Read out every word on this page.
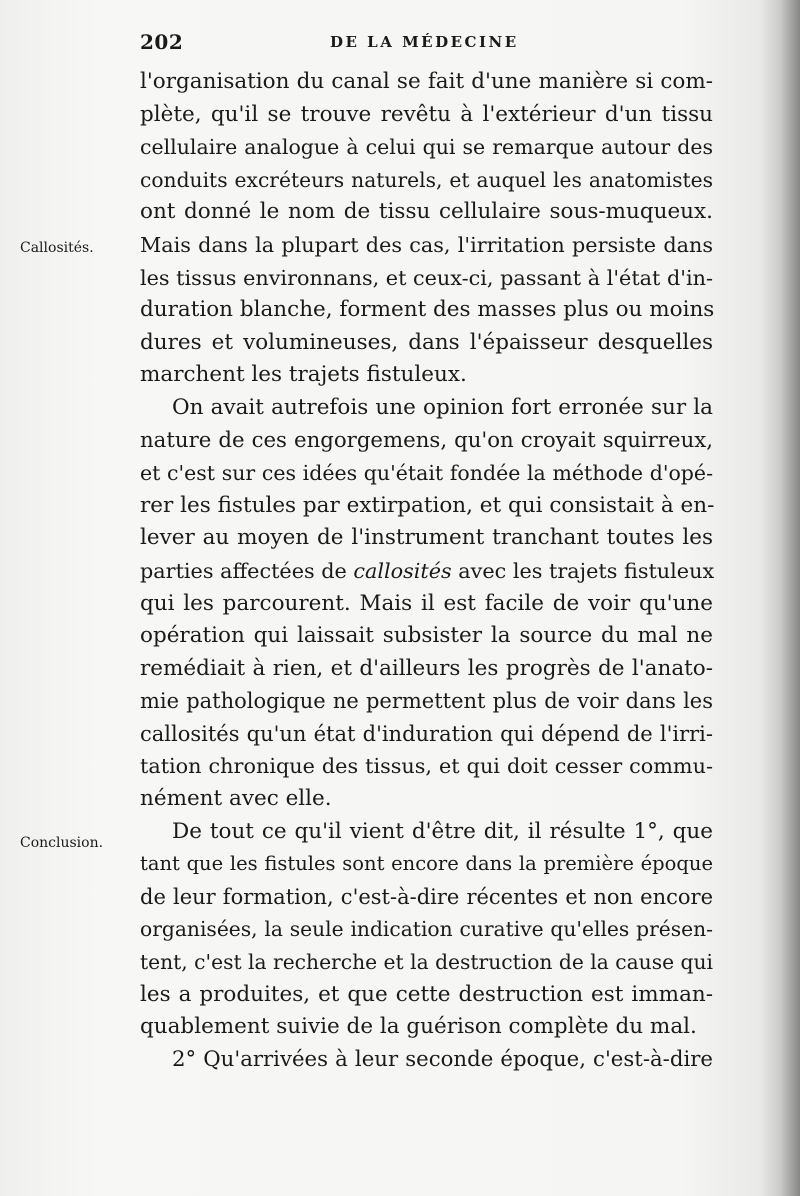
202	DE LA MÉDECINE
Callosités.
Conclusion.
l'organisation du canal se fait d'une manière si com-
plète, qu'il se trouve revêtu à l'extérieur d'un tissu
cellulaire analogue à celui qui se remarque autour des
conduits excréteurs naturels, et auquel les anatomistes
ont donné le nom de tissu cellulaire sous-muqueux.
Mais dans la plupart des cas, l'irritation persiste dans
les tissus environnans, et ceux-ci, passant à l'état d'in-
duration blanche, forment des masses plus ou moins
dures et volumineuses, dans l'épaisseur desquelles
marchent les trajets fistuleux.
On avait autrefois une opinion fort erronée sur la
nature de ces engorgemens, qu'on croyait squirreux,
et c'est sur ces idées qu'était fondée la méthode d'opé-
rer les fistules par extirpation, et qui consistait à en-
lever au moyen de l'instrument tranchant toutes les
parties affectées de callosités avec les trajets fistuleux
qui les parcourent. Mais il est facile de voir qu'une
opération qui laissait subsister la source du mal ne
remédiait à rien, et d'ailleurs les progrès de l'anato-
mie pathologique ne permettent plus de voir dans les
callosités qu'un état d'induration qui dépend de l'irri-
tation chronique des tissus, et qui doit cesser commu-
nément avec elle.
De tout ce qu'il vient d'être dit, il résulte 1°, que
tant que les fistules sont encore dans la première époque
de leur formation, c'est-à-dire récentes et non encore
organisées, la seule indication curative qu'elles présen-
tent, c'est la recherche et la destruction de la cause qui
les a produites, et que cette destruction est imman-
quablement suivie de la guérison complète du mal.
2° Qu'arrivées à leur seconde époque, c'est-à-dire
